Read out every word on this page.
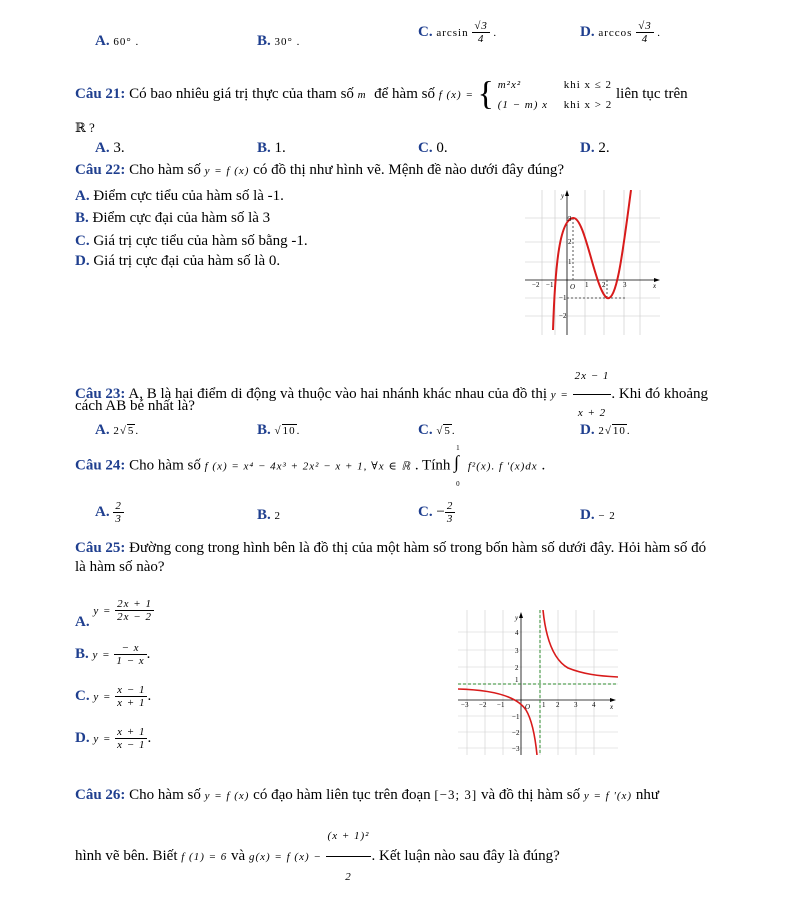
A. 60° .	B. 30° .
C. $\arcsin \frac{√3}{4}$ .	D. $\arccos \frac{√3}{4}$ .
Câu 21: Có bao nhiêu giá trị thực của tham số m để hàm số f (x) = { m²x²	khi x ≤ 2
(1 − m) x khi x > 2
liên tục trên
ℝ ?
A. 3.	B. 1.	C. 0.	D. 2.
Câu 22: Cho hàm số y = f (x) có đồ thị như hình vẽ. Mệnh đề nào dưới đây đúng?
A. Điểm cực tiểu của hàm số là -1.
B. Điểm cực đại của hàm số là 3
C. Giá trị cực tiểu của hàm số bằng -1.
D. Giá trị cực đại của hàm số là 0.
y
x
O
−2 −1	1 2	3
3
2
1
−1
−2
Câu 23: A, B là hai điểm di động và thuộc vào hai nhánh khác nhau của đồ thị $y = \frac{2x - 1}{x + 2}$ . Khi đó khoảng
cách AB bé nhất là?
A. 2√5.	B. √10.	C. √5.	D. 2√10.
Câu 24: Cho hàm số f (x) = x⁴ − 4x³ + 2x² − x + 1, ∀x ∈ ℝ . Tính
1
∫
0
f²(x). f '(x)dx .
A. $\frac{2}{3}$	B. 2	C. − $\frac{2}{3}$	D. − 2
Câu 25: Đường cong trong hình bên là đồ thị của một hàm số trong bốn hàm số dưới đây. Hỏi hàm số đó
là hàm số nào?
A. $y = \frac{2x + 1}{2x - 2}$
B. $y = \frac{- x}{1 - x}$ .
C. $y = \frac{x - 1}{x + 1}$ .
D. $y = \frac{x + 1}{x - 1}$ .
y
x
O
−3 −2 −1	1 2 3 4
4
3
2
1
−1
−2
−3
Câu 26: Cho hàm số y = f (x) có đạo hàm liên tục trên đoạn [−3; 3] và đồ thị hàm số y = f '(x) như
hình vẽ bên. Biết f (1) = 6 và g(x) = f $(x) - \frac{\text{(x + 1)²}}{2}$ . Kết luận nào sau đây là đúng?
